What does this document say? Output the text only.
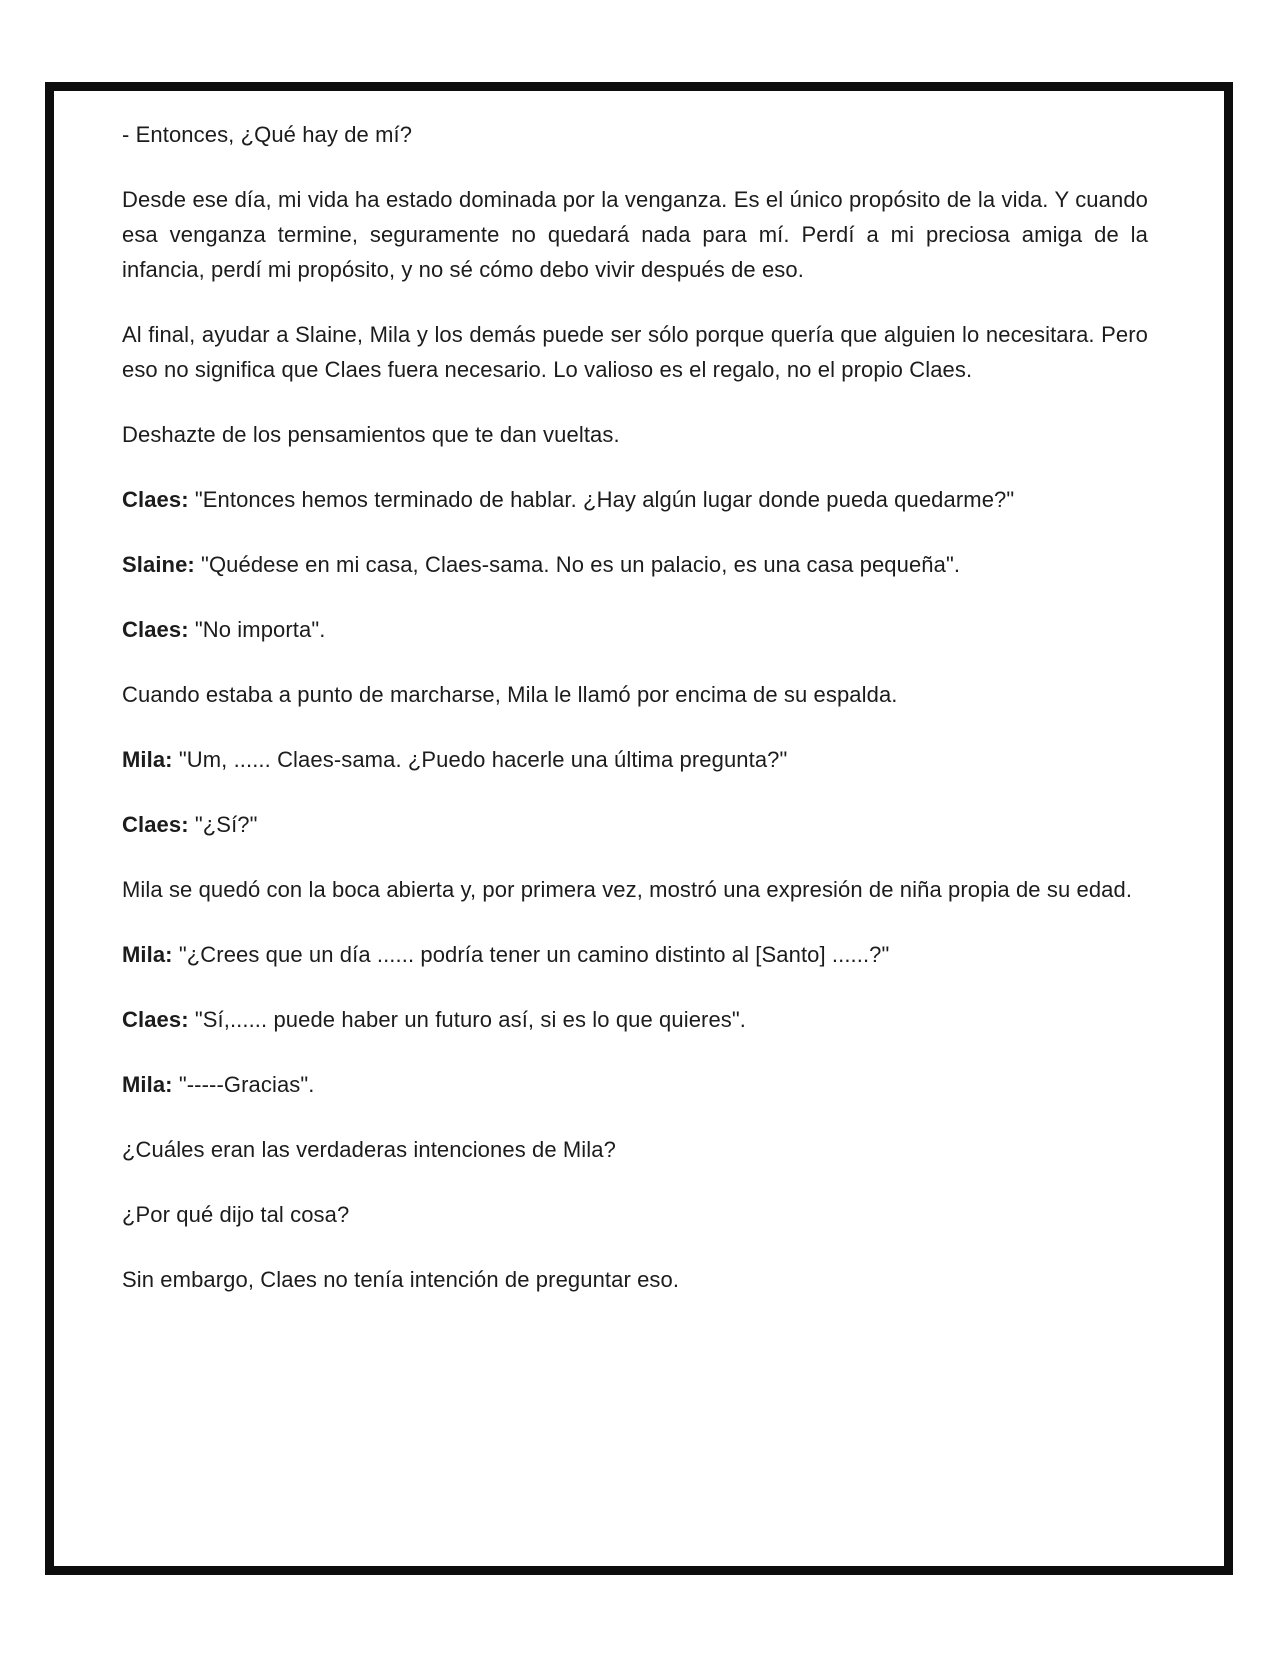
- Entonces, ¿Qué hay de mí?

Desde ese día, mi vida ha estado dominada por la venganza. Es el único propósito de la vida. Y cuando esa venganza termine, seguramente no quedará nada para mí. Perdí a mi preciosa amiga de la infancia, perdí mi propósito, y no sé cómo debo vivir después de eso.

Al final, ayudar a Slaine, Mila y los demás puede ser sólo porque quería que alguien lo necesitara. Pero eso no significa que Claes fuera necesario. Lo valioso es el regalo, no el propio Claes.

Deshazte de los pensamientos que te dan vueltas.

Claes: "Entonces hemos terminado de hablar. ¿Hay algún lugar donde pueda quedarme?"

Slaine: "Quédese en mi casa, Claes-sama. No es un palacio, es una casa pequeña".

Claes: "No importa".

Cuando estaba a punto de marcharse, Mila le llamó por encima de su espalda.

Mila: "Um, ...... Claes-sama. ¿Puedo hacerle una última pregunta?"

Claes: "¿Sí?"

Mila se quedó con la boca abierta y, por primera vez, mostró una expresión de niña propia de su edad.

Mila: "¿Crees que un día ...... podría tener un camino distinto al [Santo] ......?"

Claes: "Sí,...... puede haber un futuro así, si es lo que quieres".

Mila: "-----Gracias".

¿Cuáles eran las verdaderas intenciones de Mila?

¿Por qué dijo tal cosa?

Sin embargo, Claes no tenía intención de preguntar eso.
